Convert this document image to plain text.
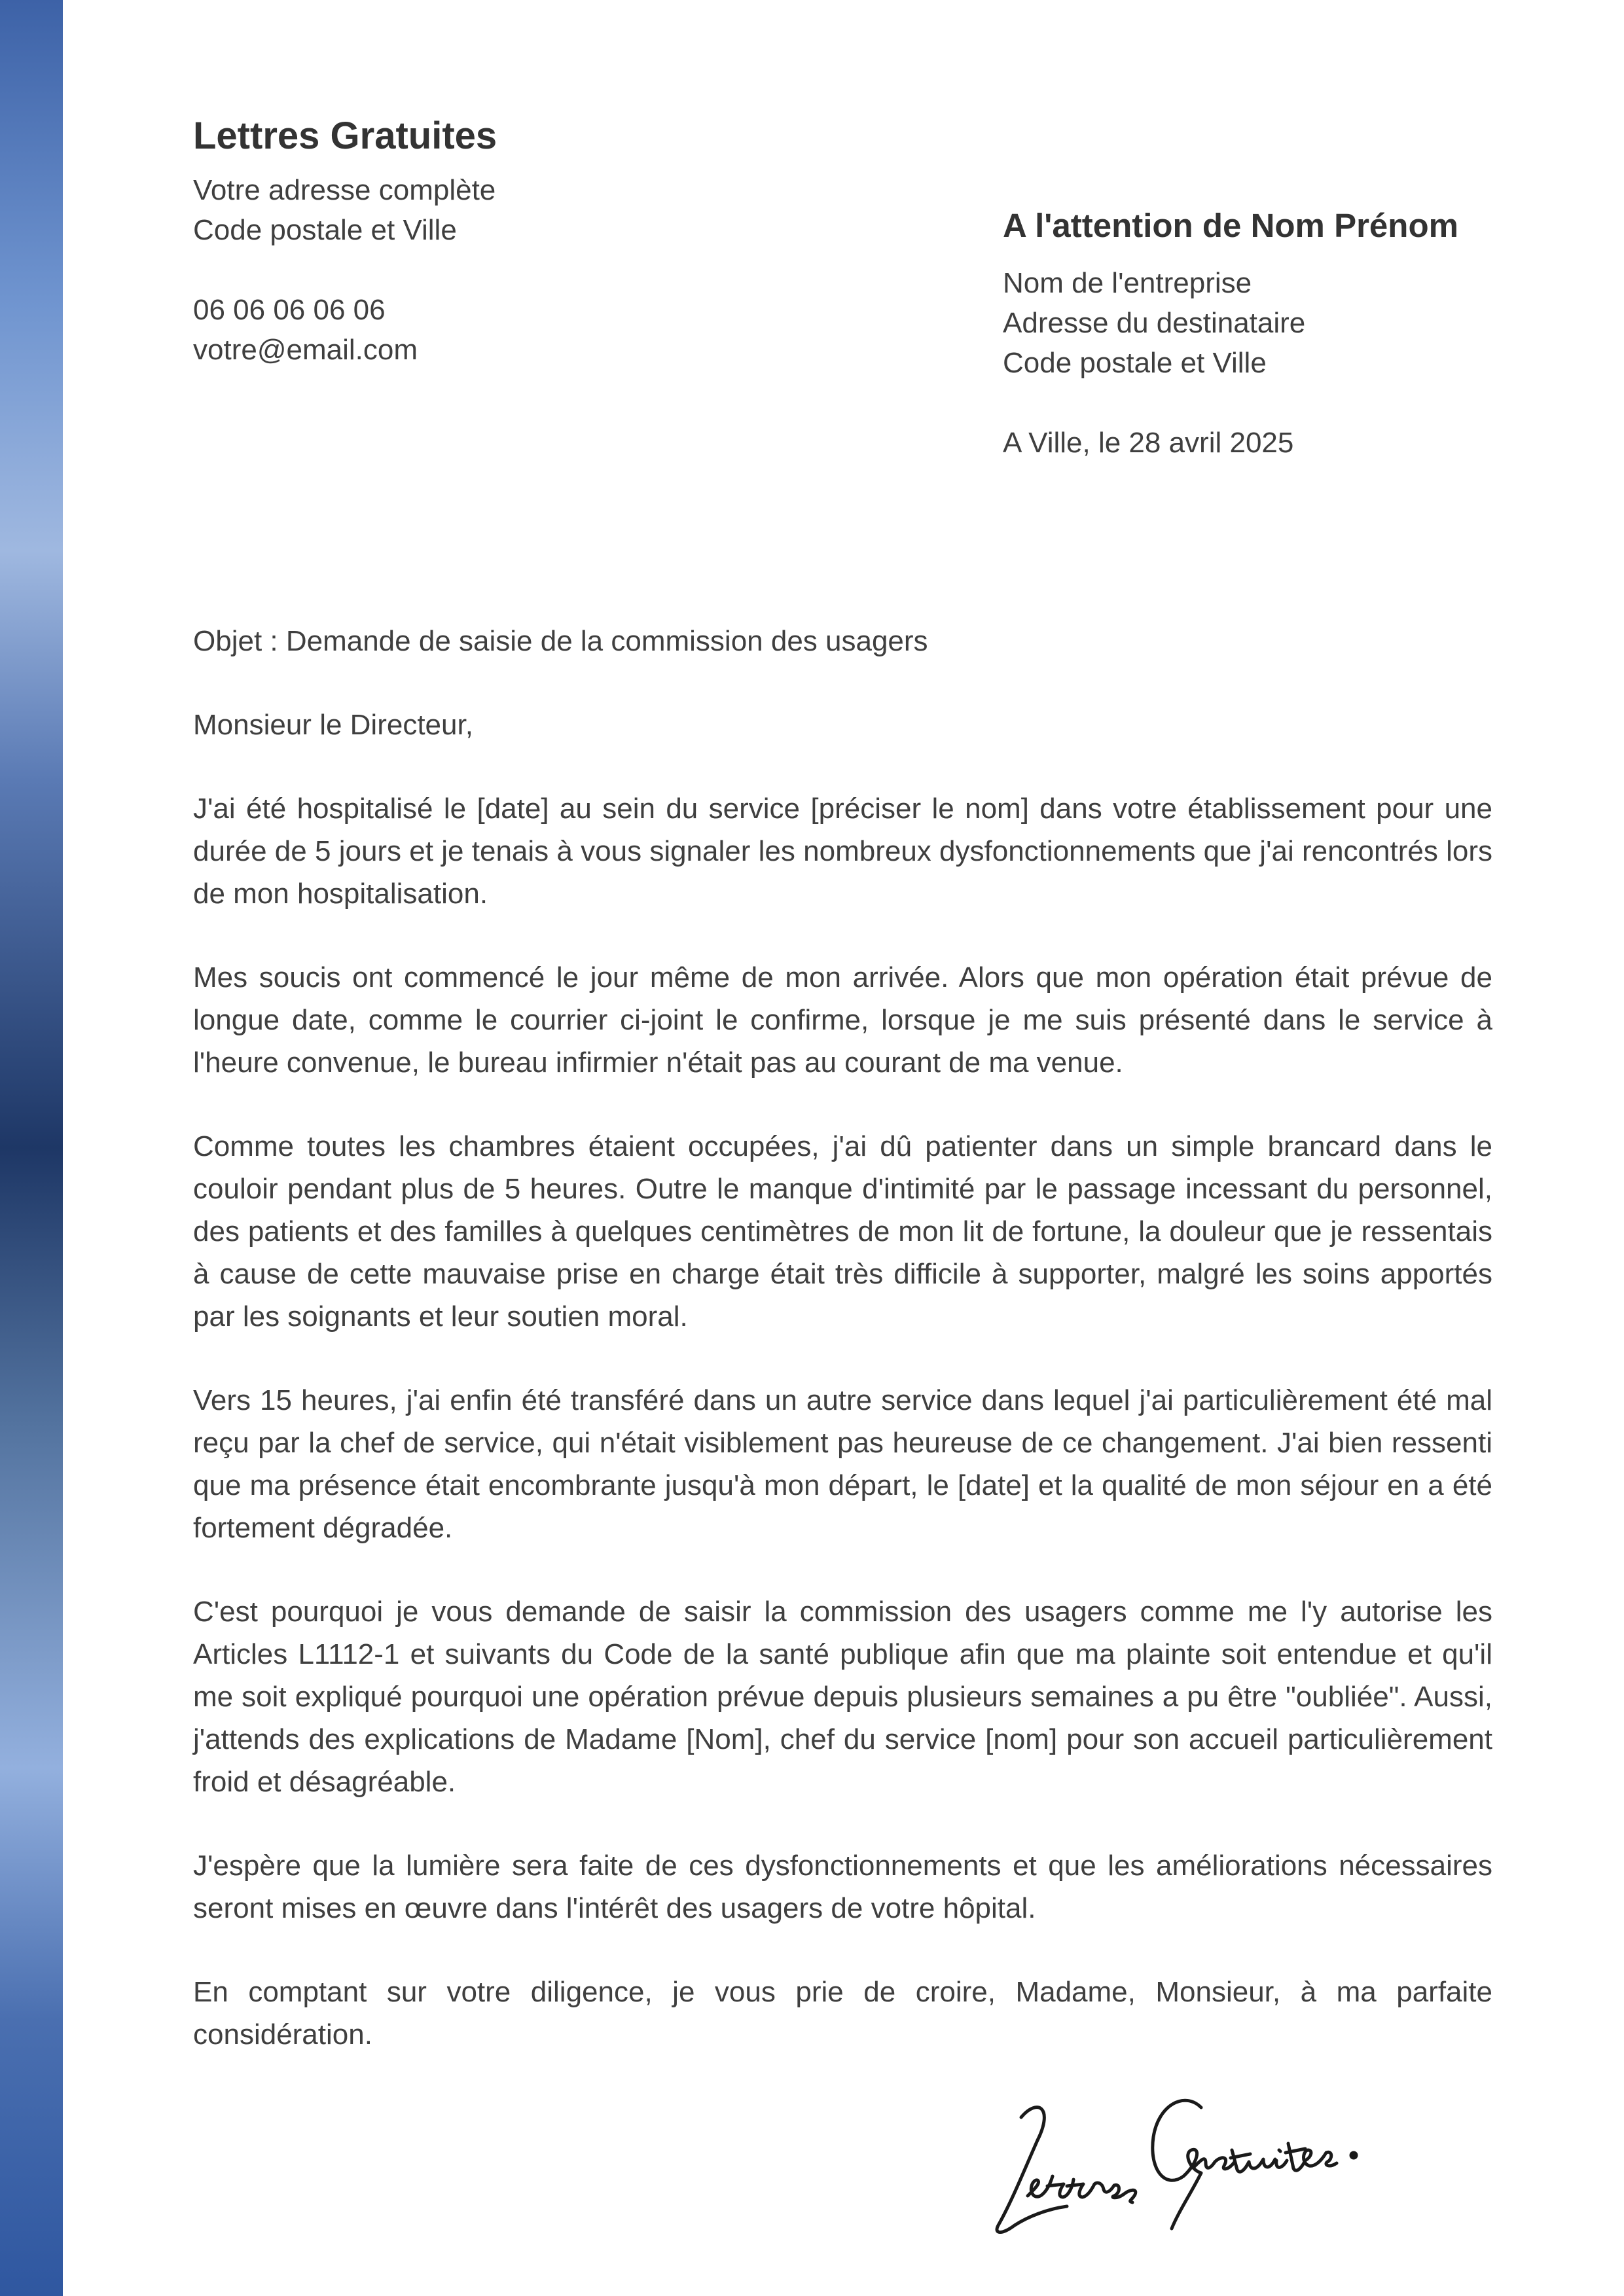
Lettres Gratuites
Votre adresse complète
Code postale et Ville
06 06 06 06 06
votre@email.com
A l'attention de Nom Prénom
Nom de l'entreprise
Adresse du destinataire
Code postale et Ville
A Ville, le 28 avril 2025

Objet : Demande de saisie de la commission des usagers

Monsieur le Directeur,

J'ai été hospitalisé le [date] au sein du service [préciser le nom] dans votre établissement pour une durée de 5 jours et je tenais à vous signaler les nombreux dysfonctionnements que j'ai rencontrés lors de mon hospitalisation.

Mes soucis ont commencé le jour même de mon arrivée. Alors que mon opération était prévue de longue date, comme le courrier ci-joint le confirme, lorsque je me suis présenté dans le service à l'heure convenue, le bureau infirmier n'était pas au courant de ma venue.

Comme toutes les chambres étaient occupées, j'ai dû patienter dans un simple brancard dans le couloir pendant plus de 5 heures. Outre le manque d'intimité par le passage incessant du personnel, des patients et des familles à quelques centimètres de mon lit de fortune, la douleur que je ressentais à cause de cette mauvaise prise en charge était très difficile à supporter, malgré les soins apportés par les soignants et leur soutien moral.

Vers 15 heures, j'ai enfin été transféré dans un autre service dans lequel j'ai particulièrement été mal reçu par la chef de service, qui n'était visiblement pas heureuse de ce changement. J'ai bien ressenti que ma présence était encombrante jusqu'à mon départ, le [date] et la qualité de mon séjour en a été fortement dégradée.

C'est pourquoi je vous demande de saisir la commission des usagers comme me l'y autorise les Articles L1112-1 et suivants du Code de la santé publique afin que ma plainte soit entendue et qu'il me soit expliqué pourquoi une opération prévue depuis plusieurs semaines a pu être "oubliée". Aussi, j'attends des explications de Madame [Nom], chef du service [nom] pour son accueil particulièrement froid et désagréable.

J'espère que la lumière sera faite de ces dysfonctionnements et que les améliorations nécessaires seront mises en œuvre dans l'intérêt des usagers de votre hôpital.

En comptant sur votre diligence, je vous prie de croire, Madame, Monsieur, à ma parfaite considération.
